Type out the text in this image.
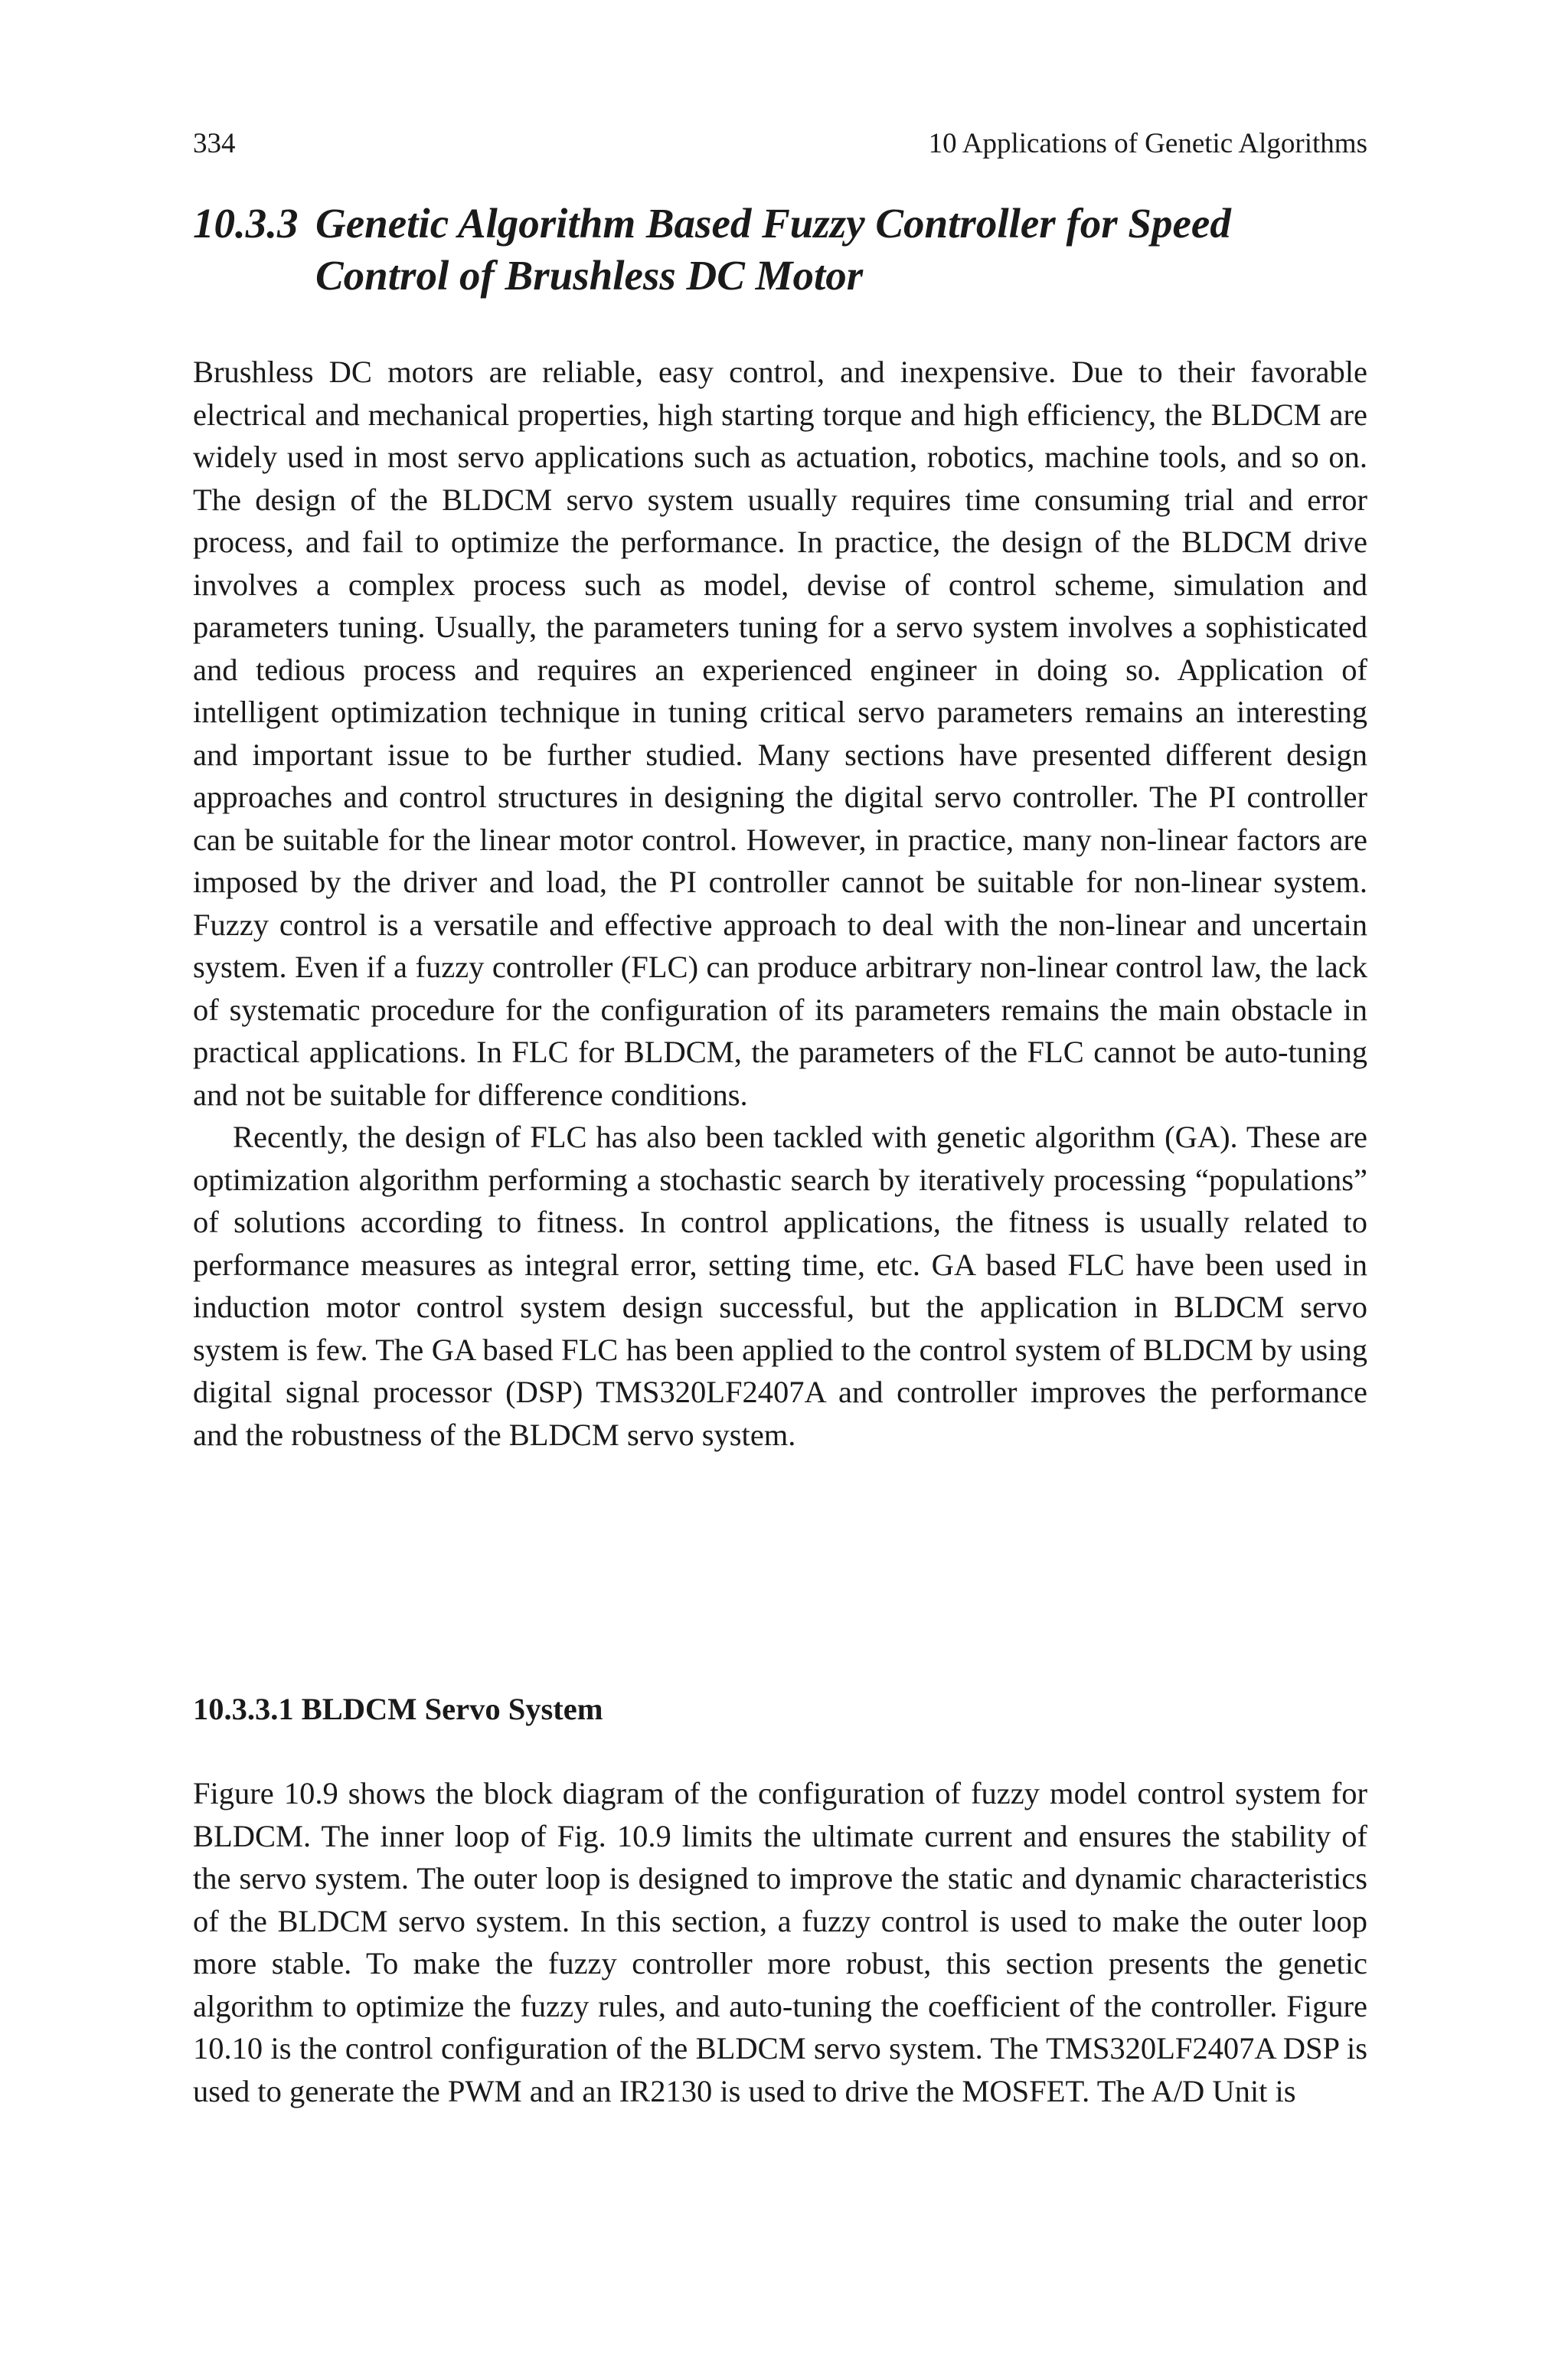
334	10 Applications of Genetic Algorithms
10.3.3 Genetic Algorithm Based Fuzzy Controller for Speed
Control of Brushless DC Motor

Brushless DC motors are reliable, easy control, and inexpensive. Due to their favorable electrical and mechanical properties, high starting torque and high efficiency, the BLDCM are widely used in most servo applications such as actuation, robotics, machine tools, and so on. The design of the BLDCM servo system usually requires time consuming trial and error process, and fail to optimize the performance. In practice, the design of the BLDCM drive involves a complex process such as model, devise of control scheme, simulation and parameters tuning. Usually, the parameters tuning for a servo system involves a sophisticated and tedious process and requires an experienced engineer in doing so. Application of intelligent optimization technique in tuning critical servo parameters remains an interesting and important issue to be further studied. Many sections have presented different design approaches and control structures in designing the digital servo controller. The PI controller can be suitable for the linear motor control. However, in practice, many non-linear factors are imposed by the driver and load, the PI controller cannot be suitable for non-linear system. Fuzzy control is a versatile and effective approach to deal with the non-linear and uncertain system. Even if a fuzzy controller (FLC) can produce arbitrary non-linear control law, the lack of systematic procedure for the configuration of its parameters remains the main obstacle in practical applications. In FLC for BLDCM, the parameters of the FLC cannot be auto-tuning and not be suitable for difference conditions.

Recently, the design of FLC has also been tackled with genetic algorithm (GA). These are optimization algorithm performing a stochastic search by iteratively processing “populations” of solutions according to fitness. In control applications, the fitness is usually related to performance measures as integral error, setting time, etc. GA based FLC have been used in induction motor control system design successful, but the application in BLDCM servo system is few. The GA based FLC has been applied to the control system of BLDCM by using digital signal processor (DSP) TMS320LF2407A and controller improves the performance and the robustness of the BLDCM servo system.

10.3.3.1 BLDCM Servo System

Figure 10.9 shows the block diagram of the configuration of fuzzy model control system for BLDCM. The inner loop of Fig. 10.9 limits the ultimate current and ensures the stability of the servo system. The outer loop is designed to improve the static and dynamic characteristics of the BLDCM servo system. In this section, a fuzzy control is used to make the outer loop more stable. To make the fuzzy controller more robust, this section presents the genetic algorithm to optimize the fuzzy rules, and auto-tuning the coefficient of the controller. Figure 10.10 is the control configuration of the BLDCM servo system. The TMS320LF2407A DSP is used to generate the PWM and an IR2130 is used to drive the MOSFET. The A/D Unit is
